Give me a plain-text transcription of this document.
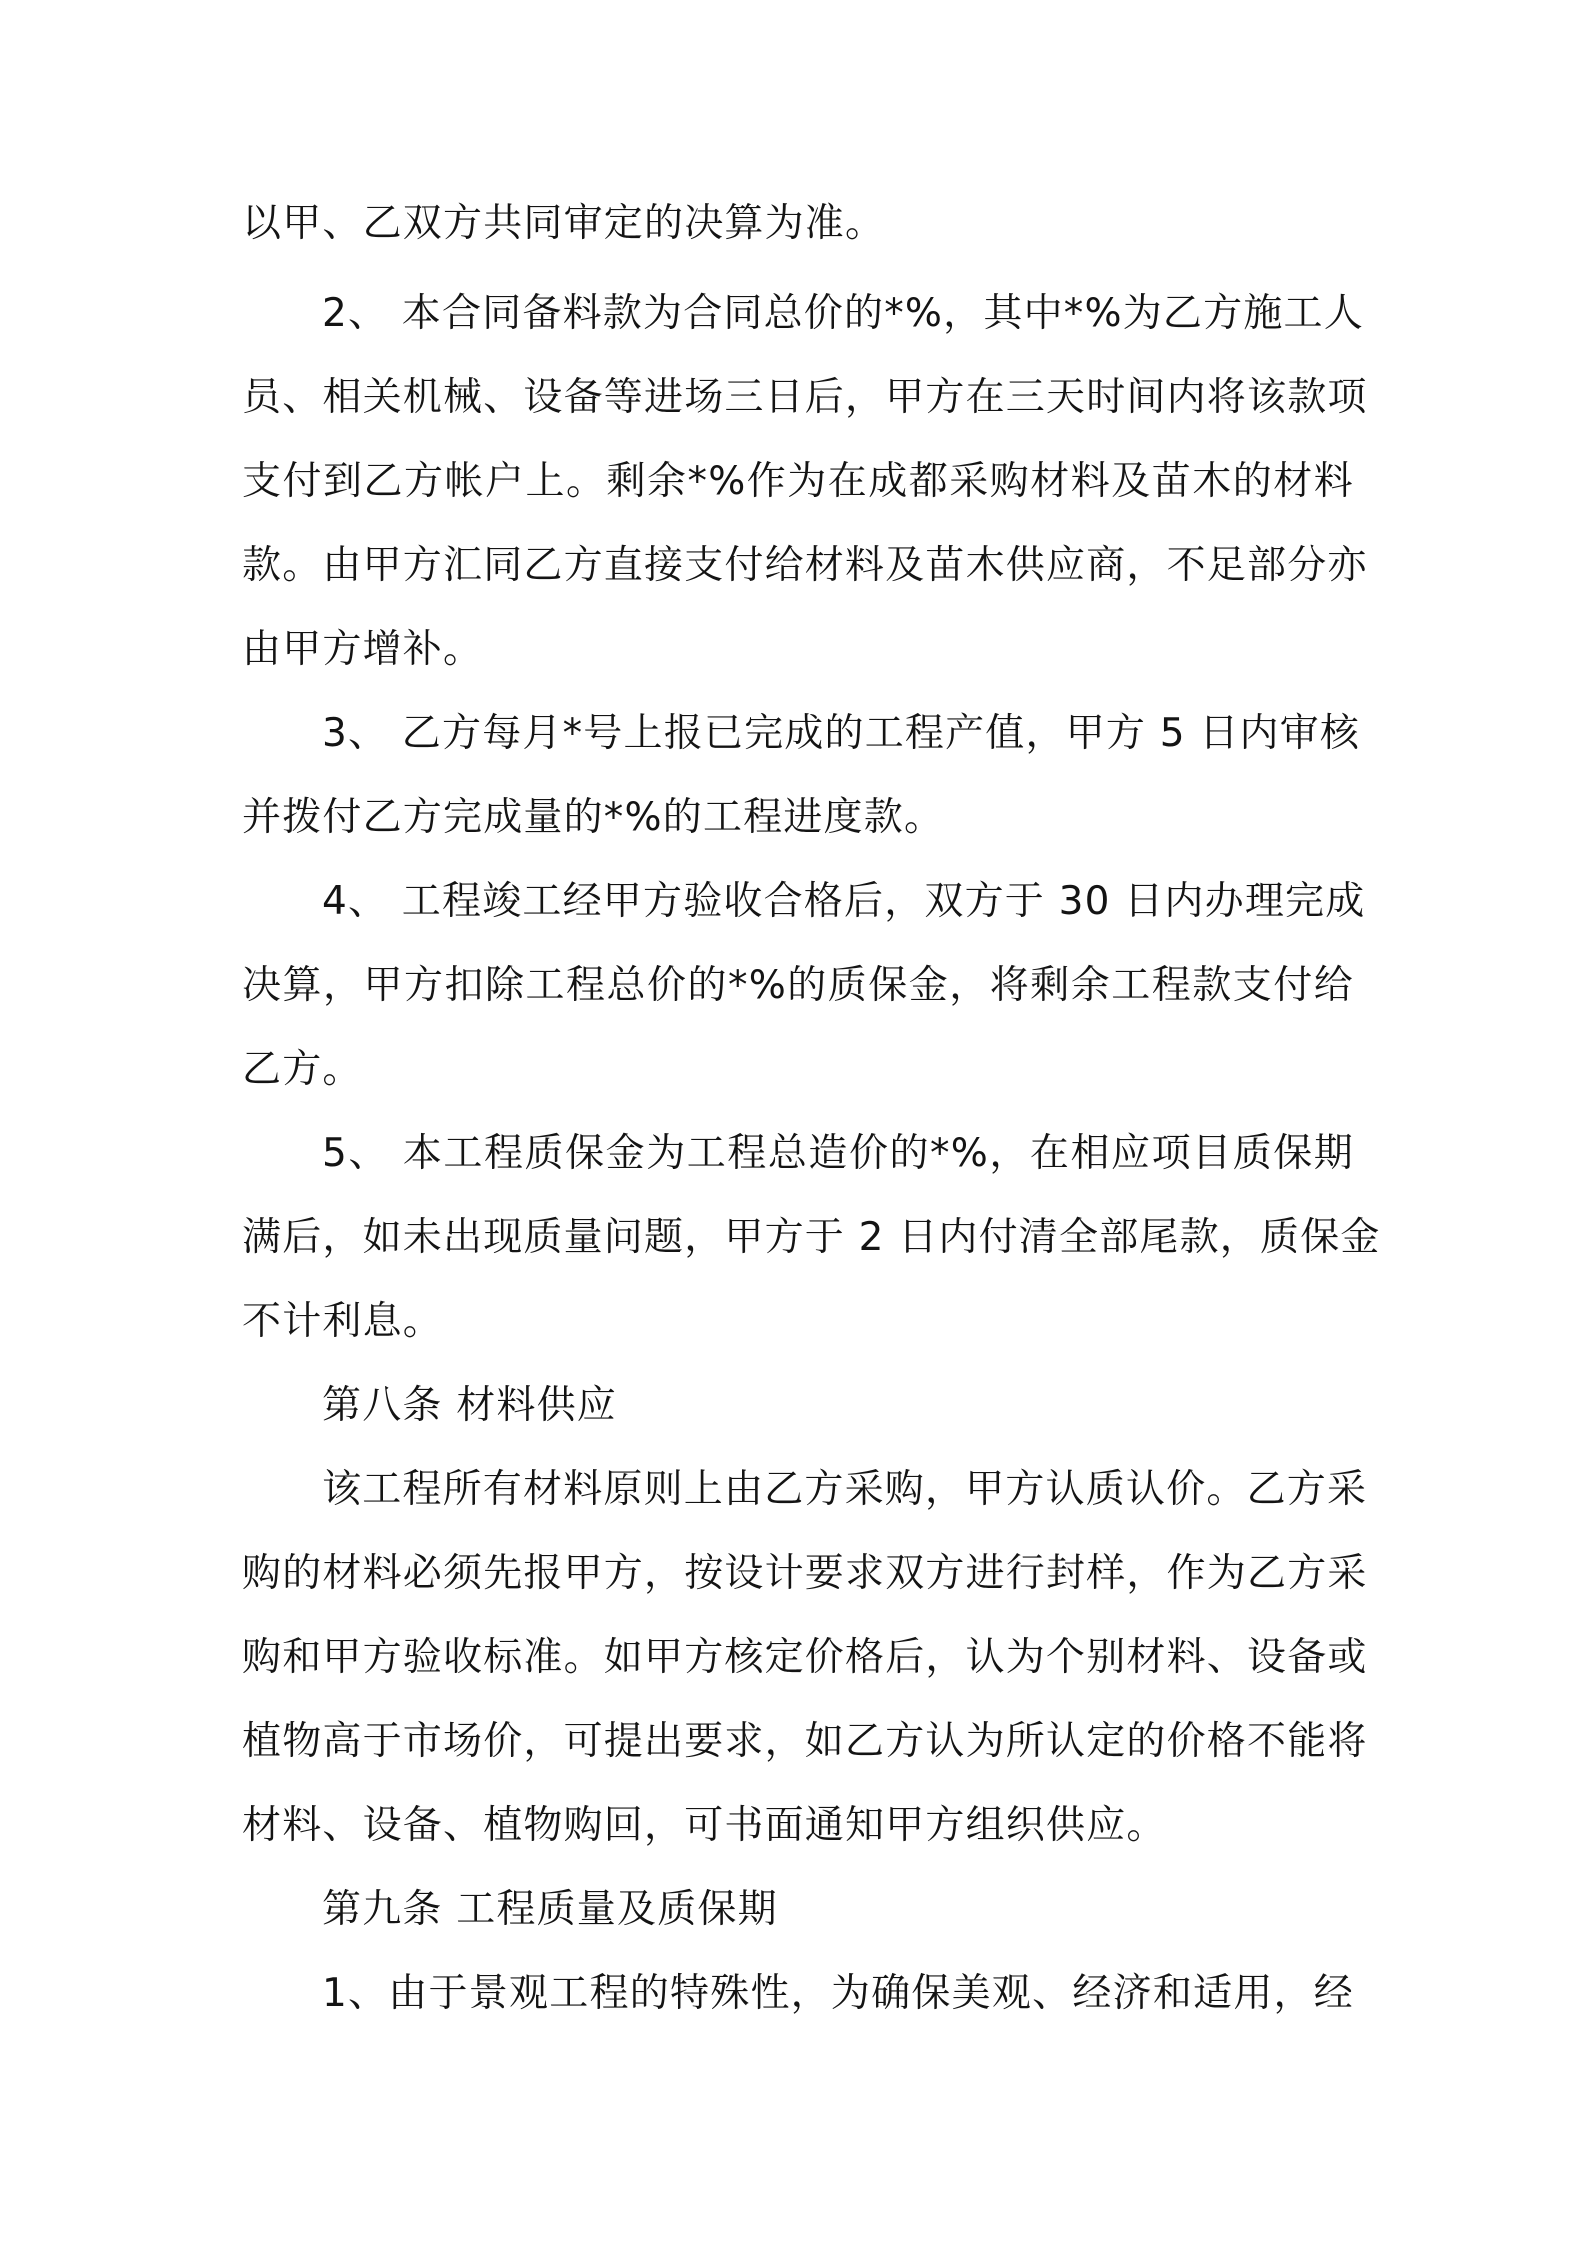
以甲、乙双方共同审定的决算为准。
2、 本合同备料款为合同总价的*%，其中*%为乙方施工人
员、相关机械、设备等进场三日后，甲方在三天时间内将该款项
支付到乙方帐户上。剩余*%作为在成都采购材料及苗木的材料
款。由甲方汇同乙方直接支付给材料及苗木供应商，不足部分亦
由甲方增补。
3、 乙方每月*号上报已完成的工程产值，甲方 5 日内审核
并拨付乙方完成量的*%的工程进度款。
4、 工程竣工经甲方验收合格后，双方于 30 日内办理完成
决算，甲方扣除工程总价的*%的质保金，将剩余工程款支付给
乙方。
5、 本工程质保金为工程总造价的*%，在相应项目质保期
满后，如未出现质量问题，甲方于 2 日内付清全部尾款，质保金
不计利息。
第八条 材料供应
该工程所有材料原则上由乙方采购，甲方认质认价。乙方采
购的材料必须先报甲方，按设计要求双方进行封样，作为乙方采
购和甲方验收标准。如甲方核定价格后，认为个别材料、设备或
植物高于市场价，可提出要求，如乙方认为所认定的价格不能将
材料、设备、植物购回，可书面通知甲方组织供应。
第九条 工程质量及质保期
1、由于景观工程的特殊性，为确保美观、经济和适用，经
